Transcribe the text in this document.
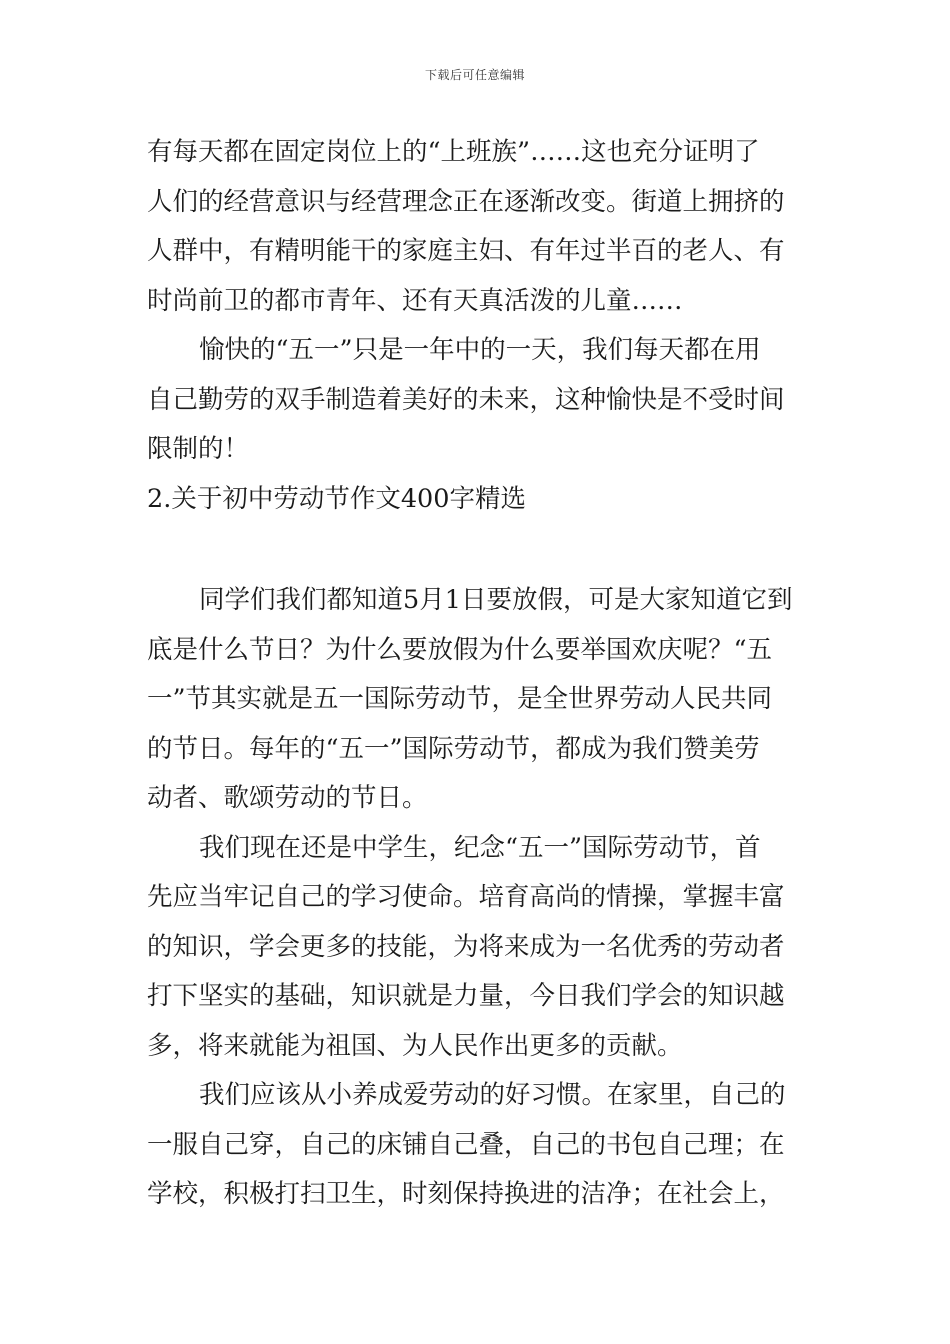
下载后可任意编辑
有每天都在固定岗位上的“上班族”……这也充分证明了
人们的经营意识与经营理念正在逐渐改变。街道上拥挤的
人群中，有精明能干的家庭主妇、有年过半百的老人、有
时尚前卫的都市青年、还有天真活泼的儿童……
愉快的“五一”只是一年中的一天，我们每天都在用
自己勤劳的双手制造着美好的未来，这种愉快是不受时间
限制的！
2.关于初中劳动节作文400字精选
同学们我们都知道5月1日要放假，可是大家知道它到
底是什么节日？为什么要放假为什么要举国欢庆呢？“五
一”节其实就是五一国际劳动节，是全世界劳动人民共同
的节日。每年的“五一”国际劳动节，都成为我们赞美劳
动者、歌颂劳动的节日。
我们现在还是中学生，纪念“五一”国际劳动节，首
先应当牢记自己的学习使命。培育高尚的情操，掌握丰富
的知识，学会更多的技能，为将来成为一名优秀的劳动者
打下坚实的基础，知识就是力量，今日我们学会的知识越
多，将来就能为祖国、为人民作出更多的贡献。
我们应该从小养成爱劳动的好习惯。在家里，自己的
一服自己穿，自己的床铺自己叠，自己的书包自己理；在
学校，积极打扫卫生，时刻保持换进的洁净；在社会上，
